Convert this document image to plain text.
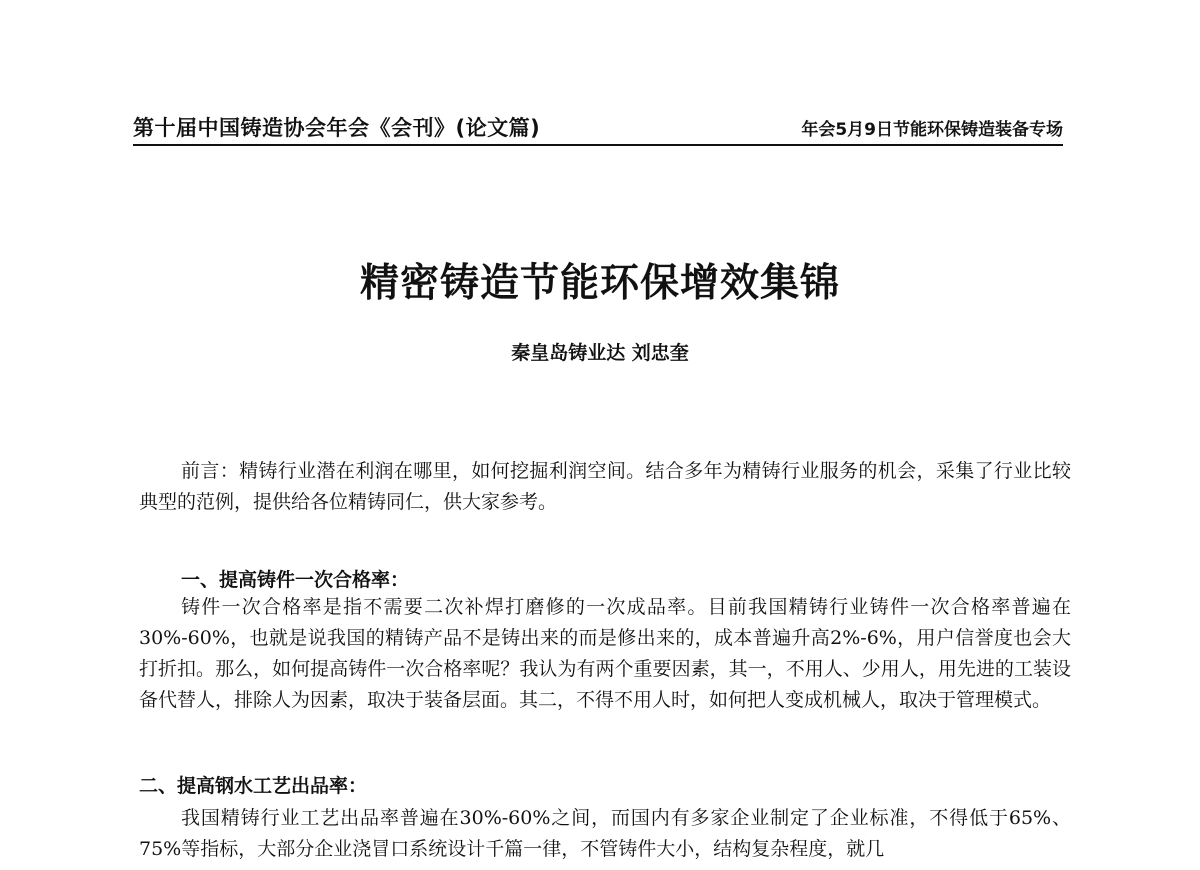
第十届中国铸造协会年会《会刊》(论文篇)	年会5月9日节能环保铸造装备专场
精密铸造节能环保增效集锦
秦皇岛铸业达 刘忠奎

前言：精铸行业潜在利润在哪里，如何挖掘利润空间。结合多年为精铸行业服务的机会，采集了行业比较典型的范例，提供给各位精铸同仁，供大家参考。

一、提高铸件一次合格率：

铸件一次合格率是指不需要二次补焊打磨修的一次成品率。目前我国精铸行业铸件一次合格率普遍在30%-60%，也就是说我国的精铸产品不是铸出来的而是修出来的，成本普遍升高2%-6%，用户信誉度也会大打折扣。那么，如何提高铸件一次合格率呢？我认为有两个重要因素，其一，不用人、少用人，用先进的工装设备代替人，排除人为因素，取决于装备层面。其二，不得不用人时，如何把人变成机械人，取决于管理模式。

二、提高钢水工艺出品率：

我国精铸行业工艺出品率普遍在30%-60%之间，而国内有多家企业制定了企业标准，不得低于65%、75%等指标，大部分企业浇冒口系统设计千篇一律，不管铸件大小，结构复杂程度，就几
